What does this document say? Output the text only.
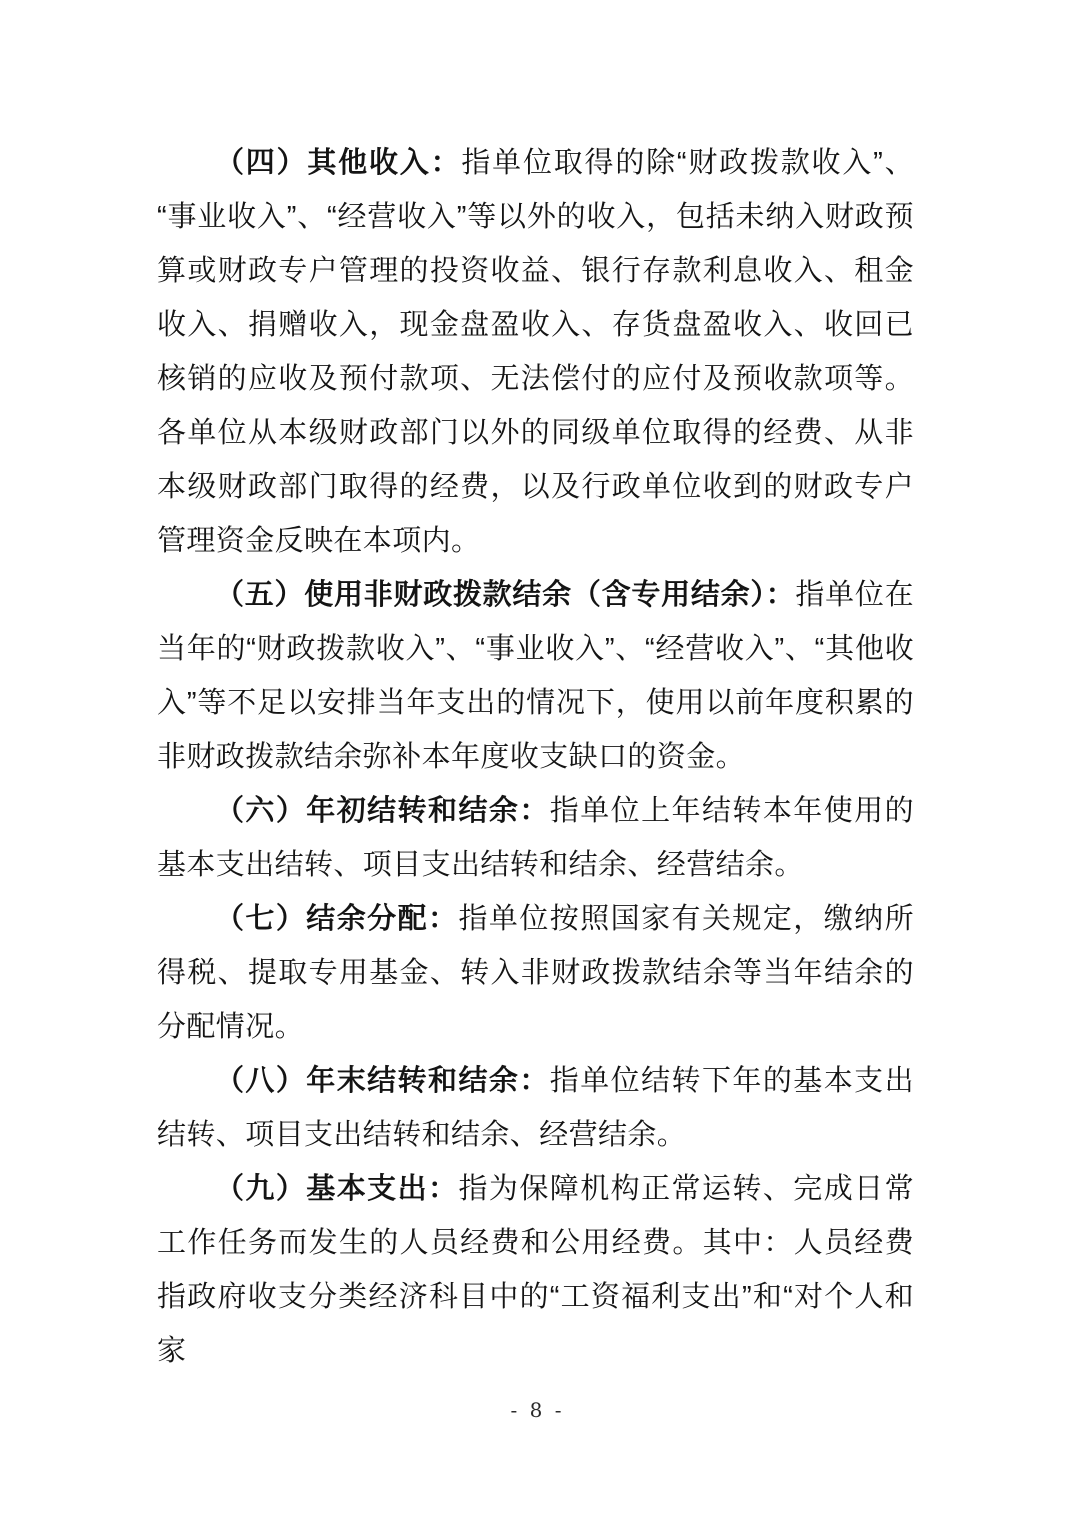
（四）其他收入：指单位取得的除“财政拨款收入”、“事业收入”、“经营收入”等以外的收入，包括未纳入财政预算或财政专户管理的投资收益、银行存款利息收入、租金收入、捐赠收入，现金盘盈收入、存货盘盈收入、收回已核销的应收及预付款项、无法偿付的应付及预收款项等。各单位从本级财政部门以外的同级单位取得的经费、从非本级财政部门取得的经费，以及行政单位收到的财政专户管理资金反映在本项内。

（五）使用非财政拨款结余（含专用结余）：指单位在当年的“财政拨款收入”、“事业收入”、“经营收入”、“其他收入”等不足以安排当年支出的情况下，使用以前年度积累的非财政拨款结余弥补本年度收支缺口的资金。

（六）年初结转和结余：指单位上年结转本年使用的基本支出结转、项目支出结转和结余、经营结余。

（七）结余分配：指单位按照国家有关规定，缴纳所得税、提取专用基金、转入非财政拨款结余等当年结余的分配情况。

（八）年末结转和结余：指单位结转下年的基本支出结转、项目支出结转和结余、经营结余。

（九）基本支出：指为保障机构正常运转、完成日常工作任务而发生的人员经费和公用经费。其中：人员经费指政府收支分类经济科目中的“工资福利支出”和“对个人和家

- 8 -
